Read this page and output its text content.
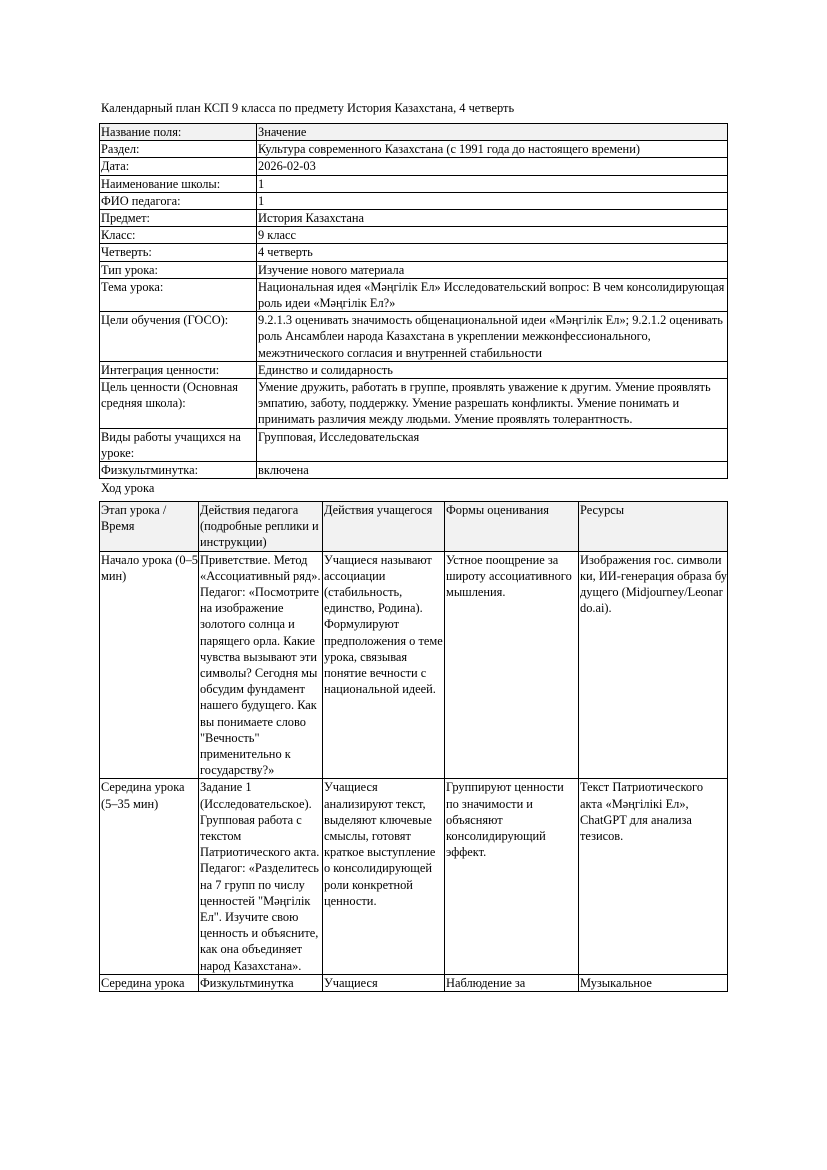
Календарный план КСП 9 класса по предмету История Казахстана, 4 четверть
Название поля:	Значение
Раздел:	Культура современного Казахстана (с 1991 года до настоящего времени)
Дата:	2026-02-03
Наименование школы:	1
ФИО педагога:	1
Предмет:	История Казахстана
Класс:	9 класс
Четверть:	4 четверть
Тип урока:	Изучение нового материала
Тема урока:	Национальная идея «Мәңгілік Ел» Исследовательский вопрос: В чем консолидирующая роль идеи «Мәңгілік Ел?»
Цели обучения (ГОСО):	9.2.1.3 оценивать значимость общенациональной идеи «Мәңгілік Ел»; 9.2.1.2 оценивать роль Ансамблеи народа Казахстана в укреплении межконфессионального, межэтнического согласия и внутренней стабильности
Интеграция ценности:	Единство и солидарность
Цель ценности (Основная средняя школа):	Умение дружить, работать в группе, проявлять уважение к другим. Умение проявлять эмпатию, заботу, поддержку. Умение разрешать конфликты. Умение понимать и принимать различия между людьми. Умение проявлять толерантность.
Виды работы учащихся на уроке:	Групповая, Исследовательская
Физкультминутка:	включена
Ход урока
Этап урока / Время	Действия педагога (подробные реплики и инструкции)	Действия учащегося	Формы оценивания	Ресурсы
Начало урока (0–5 мин)	Приветствие. Метод «Ассоциативный ряд». Педагог: «Посмотрите на изображение золотого солнца и парящего орла. Какие чувства вызывают эти символы? Сегодня мы обсудим фундамент нашего будущего. Как вы понимаете слово "Вечность" применительно к государству?»	Учащиеся называют ассоциации (стабильность, единство, Родина). Формулируют предположения о теме урока, связывая понятие вечности с национальной идеей.	Устное поощрение за широту ассоциативного мышления.	Изображения гос. символики, ИИ-генерация образа будущего (Midjourney/Leonardo.ai).
Середина урока (5–35 мин)	Задание 1 (Исследовательское). Групповая работа с текстом Патриотического акта. Педагог: «Разделитесь на 7 групп по числу ценностей "Мәңгілік Ел". Изучите свою ценность и объясните, как она объединяет народ Казахстана».	Учащиеся анализируют текст, выделяют ключевые смыслы, готовят краткое выступление о консолидирующей роли конкретной ценности.	Группируют ценности по значимости и объясняют консолидирующий эффект.	Текст Патриотического акта «Мәңгілікі Ел», ChatGPT для анализа тезисов.
Середина урока	Физкультминутка	Учащиеся	Наблюдение за	Музыкальное
